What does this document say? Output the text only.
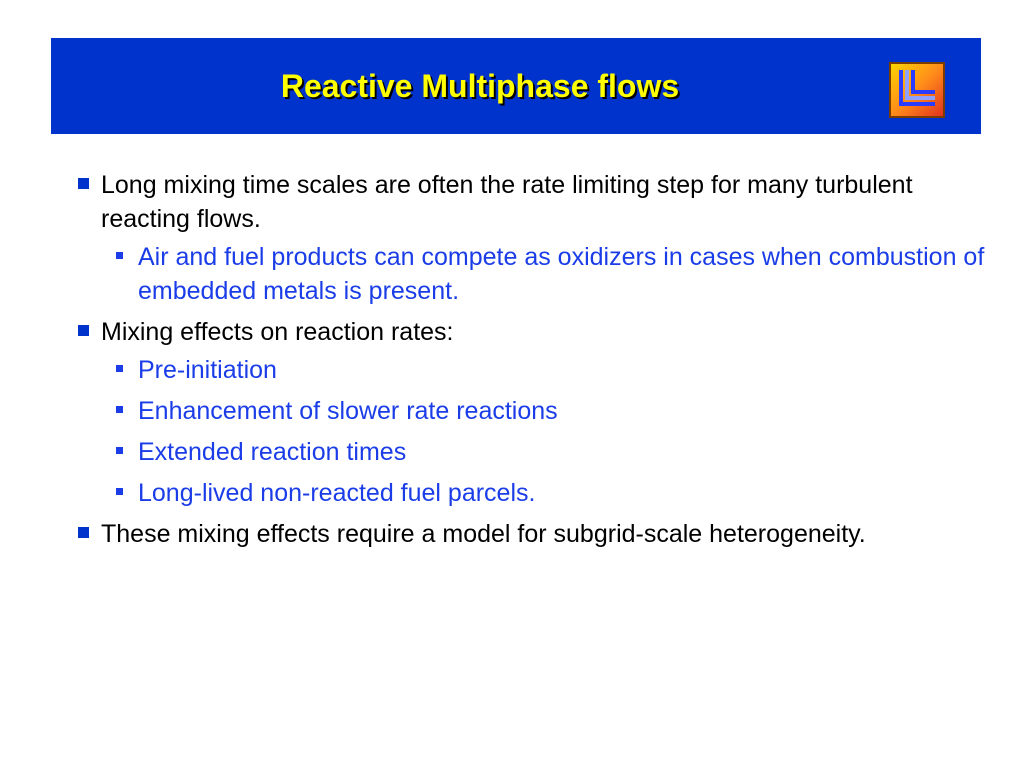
Reactive Multiphase flows
Long mixing time scales are often the rate limiting step for many turbulent reacting flows.
Air and fuel products can compete as oxidizers in cases when combustion of embedded metals is present.
Mixing effects on reaction rates:
Pre-initiation
Enhancement of slower rate reactions
Extended reaction times
Long-lived non-reacted fuel parcels.
These mixing effects require a model for subgrid-scale heterogeneity.
